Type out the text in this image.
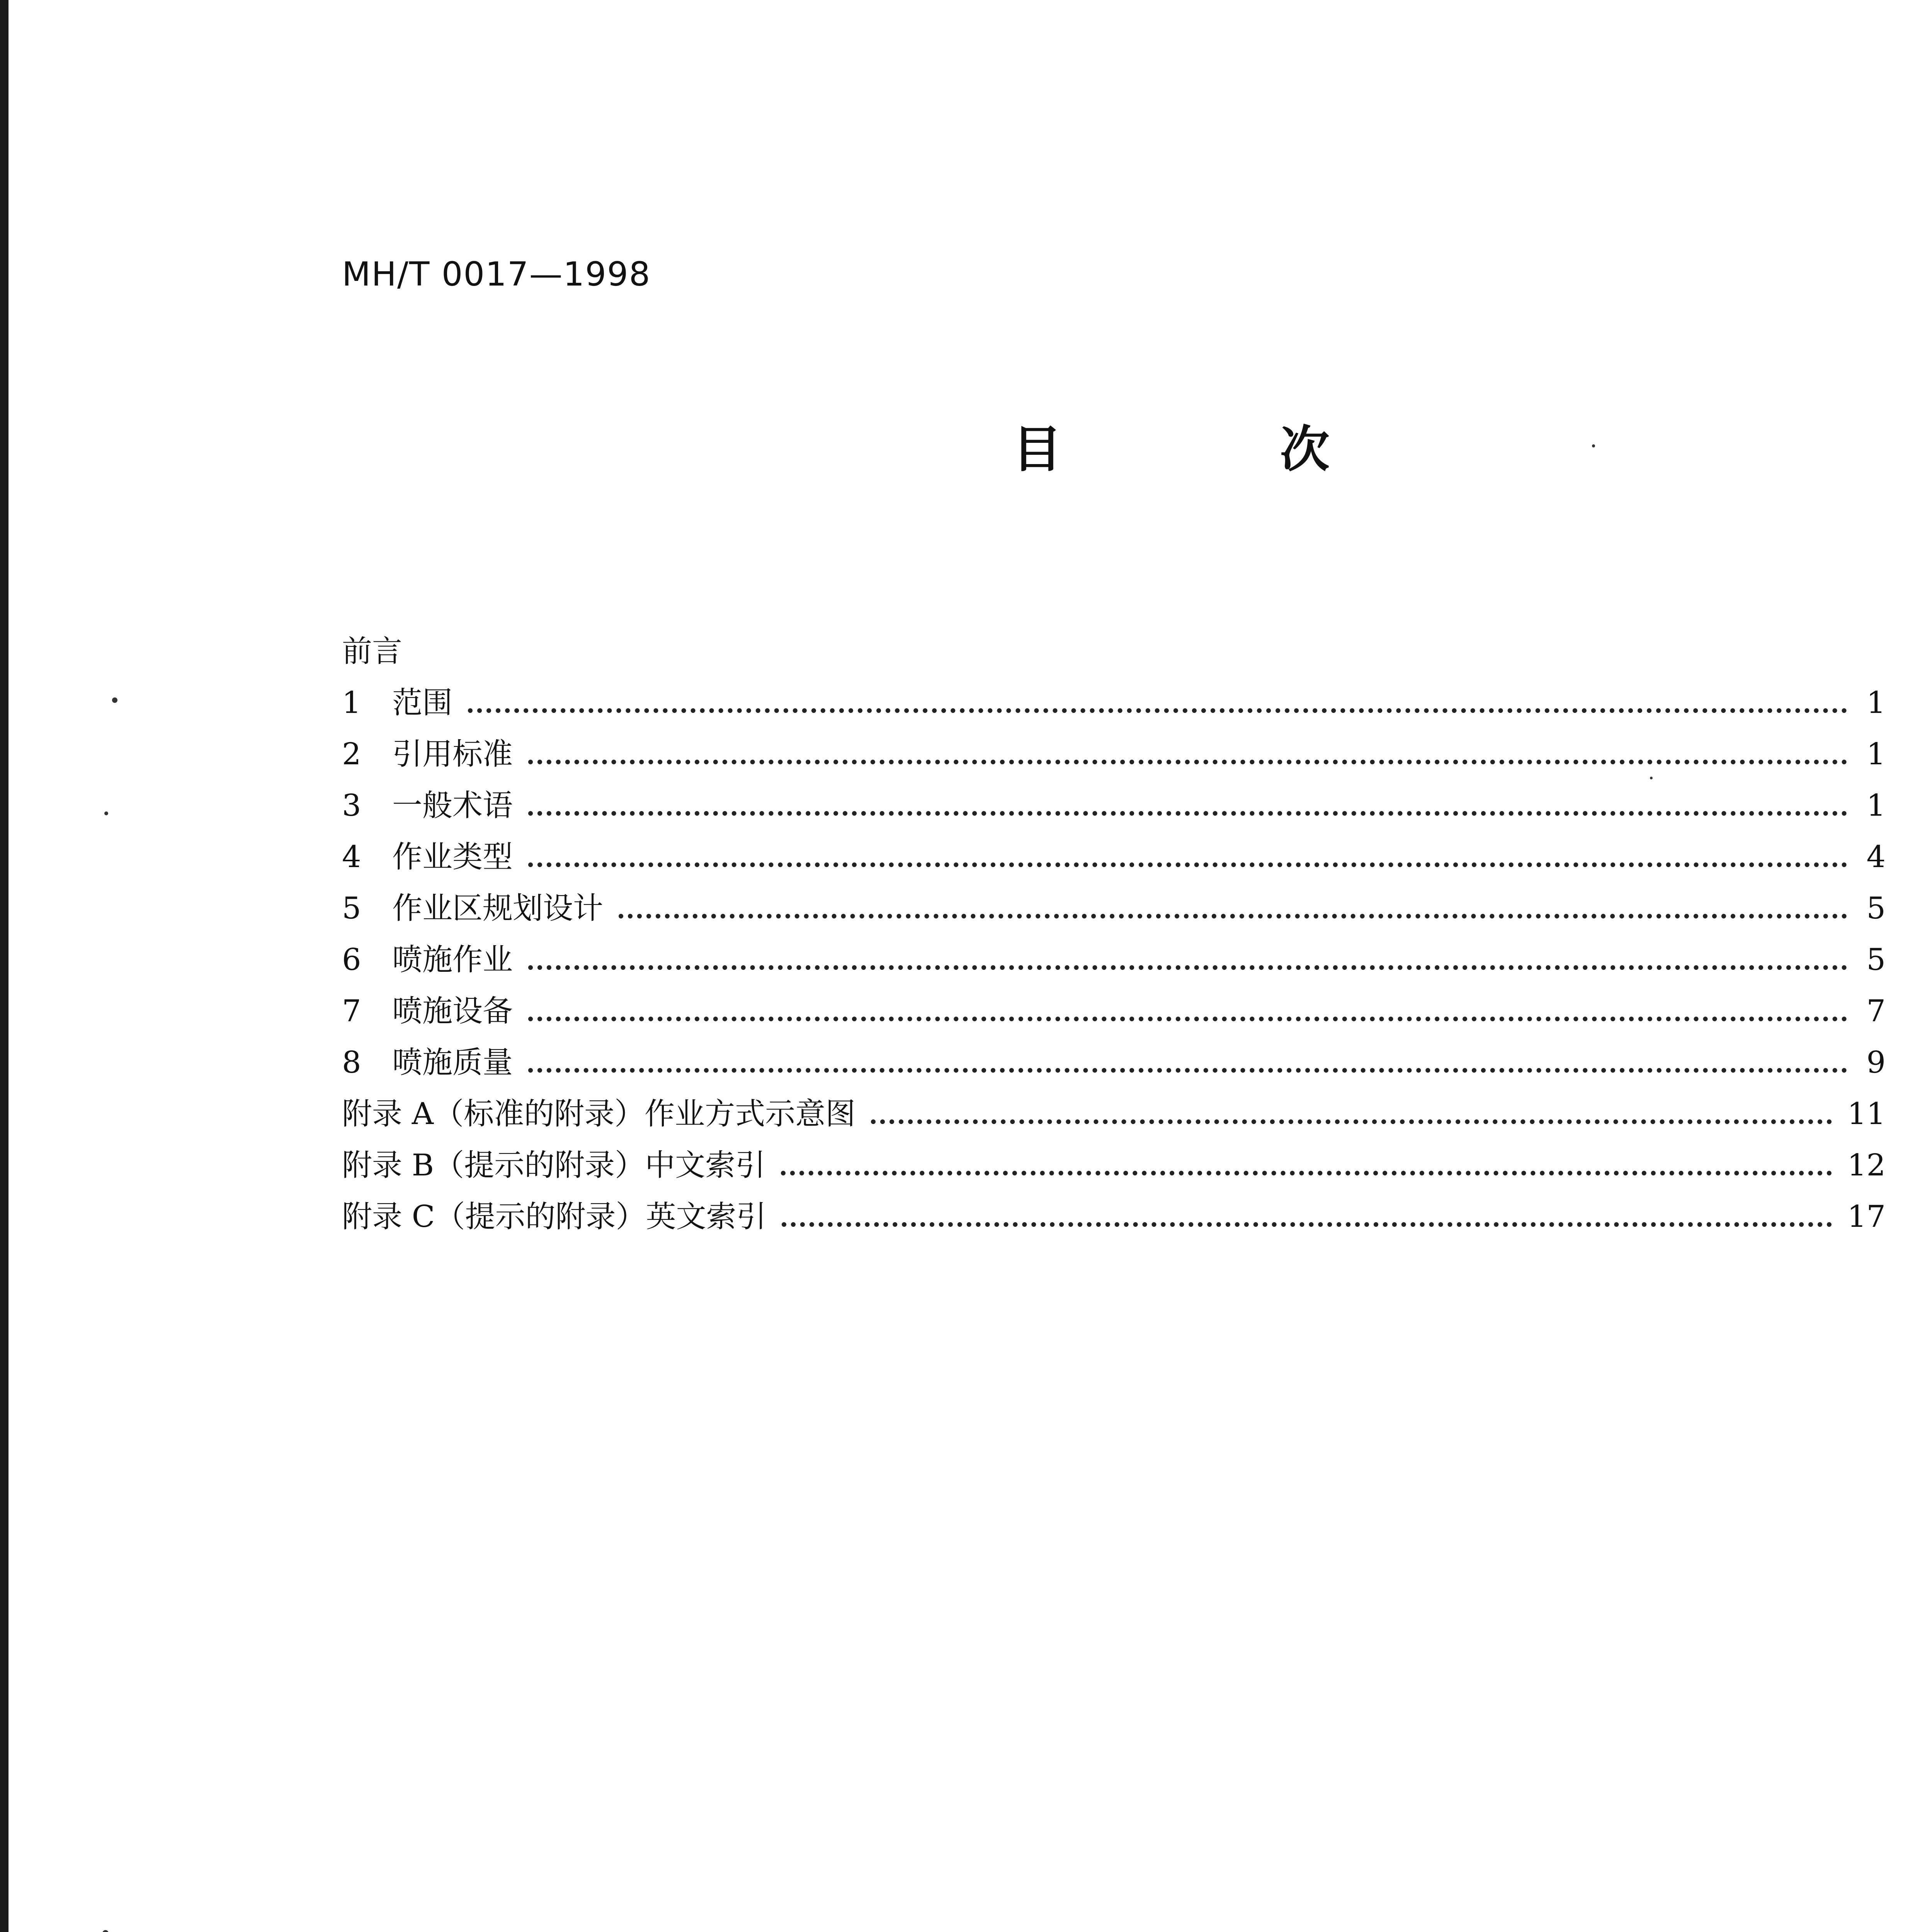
MH/T 0017—1998
目 次
前言
1	范围	1
2	引用标准	1
3	一般术语	1
4	作业类型	4
5	作业区规划设计	5
6	喷施作业	5
7	喷施设备	7
8	喷施质量	9
附录 A（标准的附录）作业方式示意图	11
附录 B（提示的附录）中文索引	12
附录 C（提示的附录）英文索引	17
